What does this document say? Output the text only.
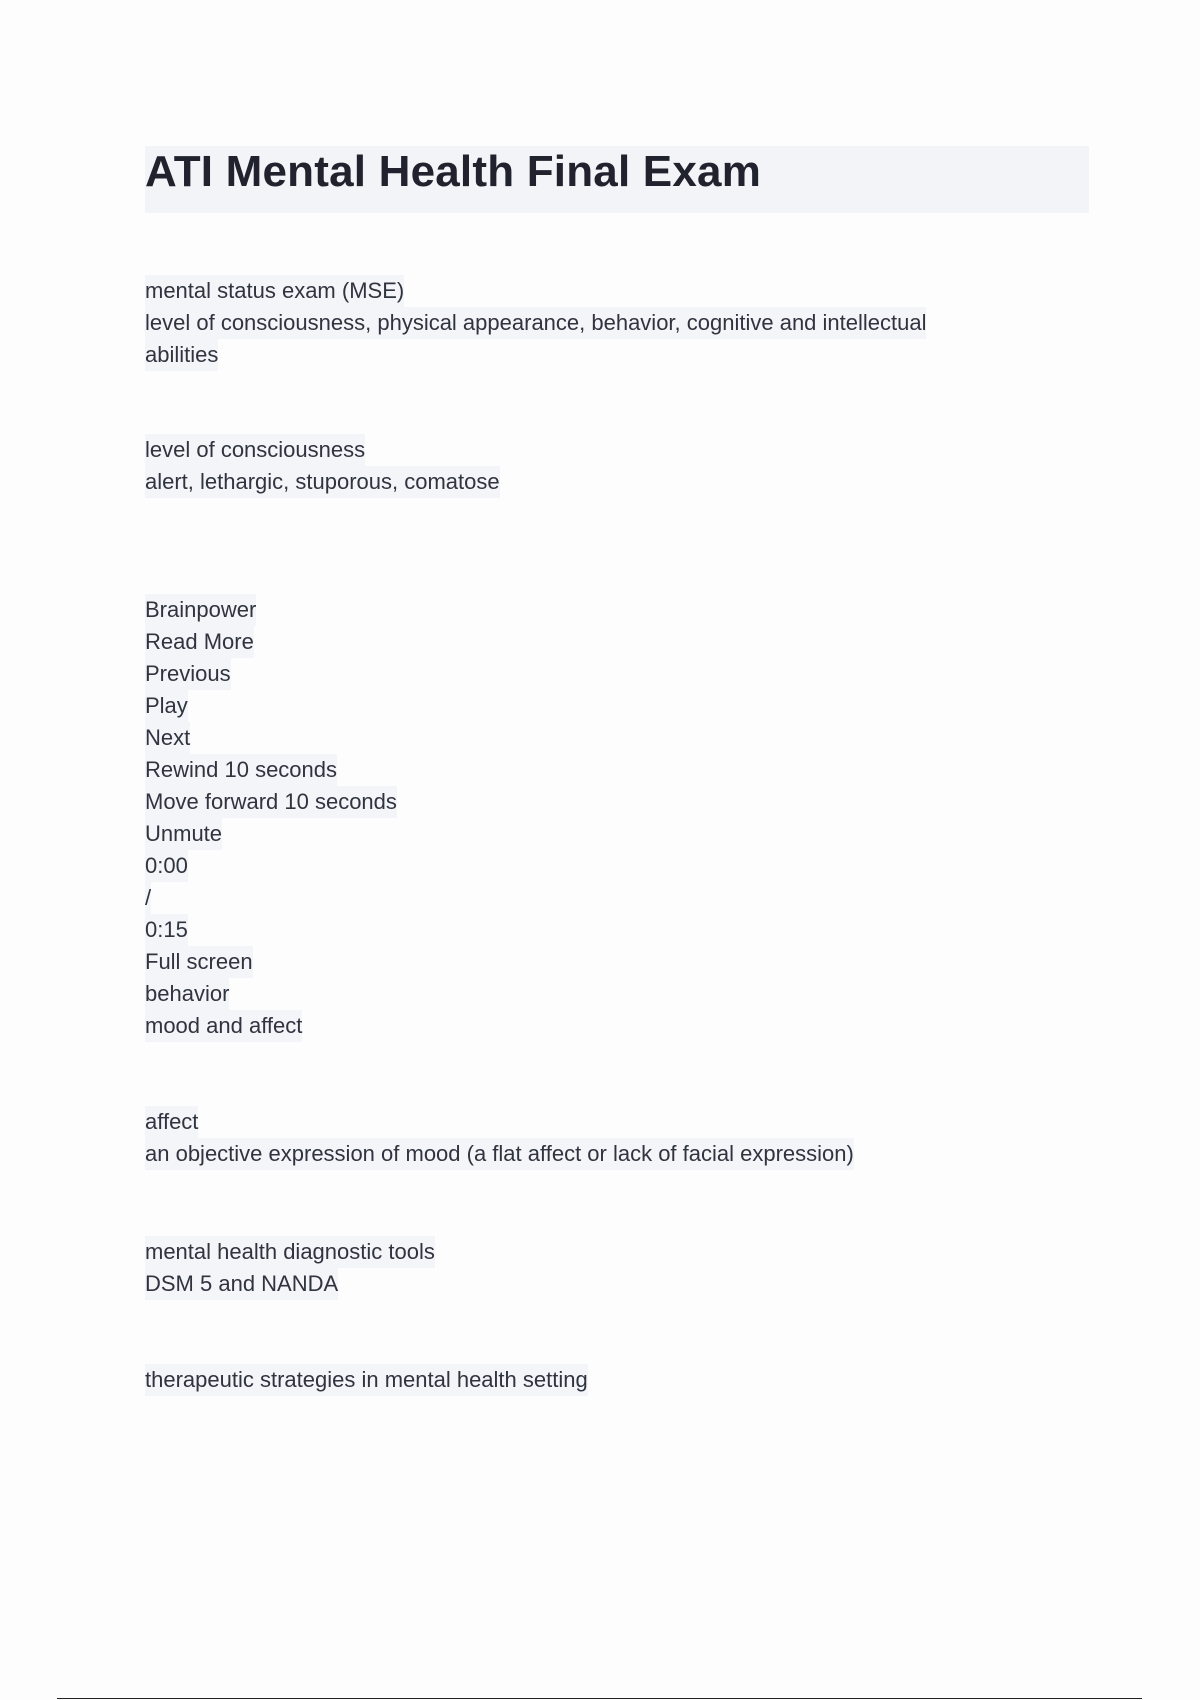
ATI Mental Health Final Exam
mental status exam (MSE)
level of consciousness, physical appearance, behavior, cognitive and intellectual
abilities
level of consciousness
alert, lethargic, stuporous, comatose
Brainpower
Read More
Previous
Play
Next
Rewind 10 seconds
Move forward 10 seconds
Unmute
0:00
/
0:15
Full screen
behavior
mood and affect
affect
an objective expression of mood (a flat affect or lack of facial expression)
mental health diagnostic tools
DSM 5 and NANDA
therapeutic strategies in mental health setting
